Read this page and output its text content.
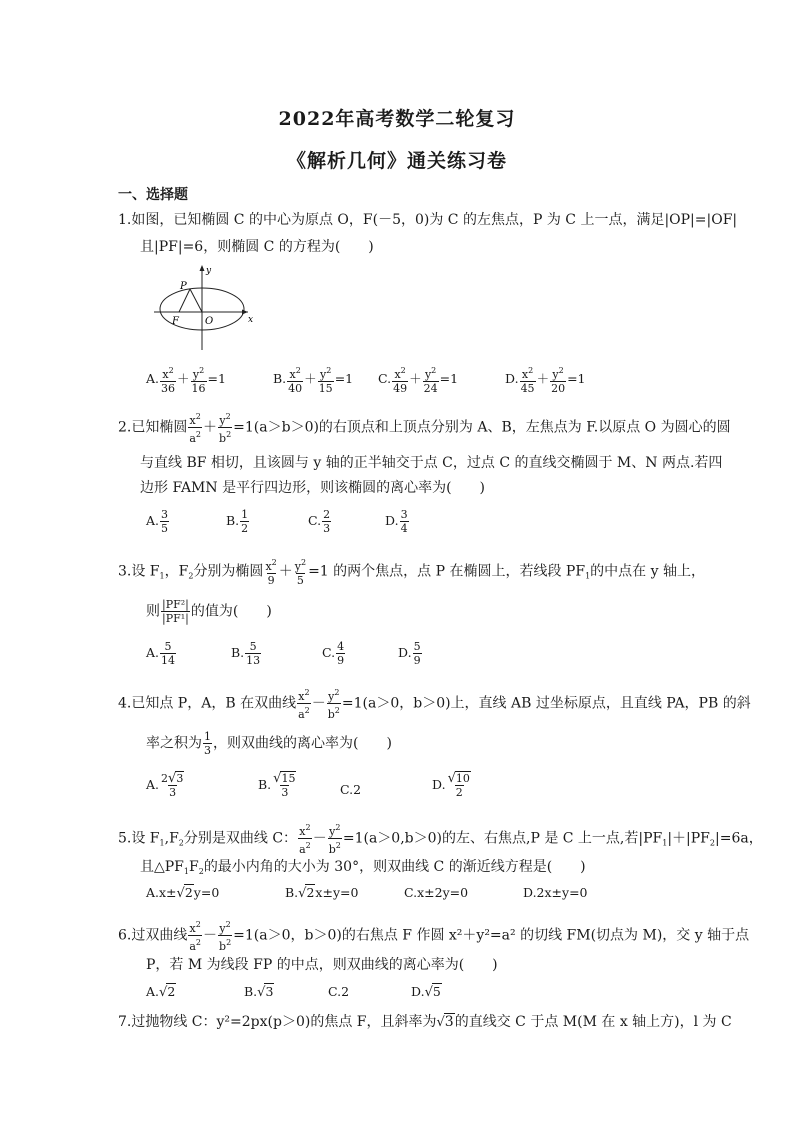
2022年高考数学二轮复习
《解析几何》通关练习卷
一、选择题
1.如图，已知椭圆 C 的中心为原点 O，F(－5，0)为 C 的左焦点，P 为 C 上一点，满足|OP|=|OF|
且|PF|=6，则椭圆 C 的方程为(　　)
P
F	O	x
y
A. $\frac{x^2}{36} + \frac{y^2}{16} =1$	B. $\frac{x^2}{40} + \frac{y^2}{15} =1$ C. $\frac{x^2}{49} + \frac{y^2}{24} =1$	D. $\frac{x^2}{45} + \frac{y^2}{20} =1$
2.已知椭圆 $\frac{x^2}{a^2} + \frac{y^2}{b^2} =1(a>b>0)$的右顶点和上顶点分别为 A、B，左焦点为 F.以原点 O 为圆心的圆
与直线 BF 相切，且该圆与 y 轴的正半轴交于点 C，过点 C 的直线交椭圆于 M、N 两点.若四
边形 FAMN 是平行四边形，则该椭圆的离心率为(　　)
A. $\frac{3}{5}$	B. $\frac{1}{2}$	C. $\frac{2}{3}$	D. $\frac{3}{4}$
3.设 $F_1$，$F_2$分别为椭圆 $\frac{x^2}{9} + \frac{y^2}{5} =1$ 的两个焦点，点 P 在椭圆上，若线段 $PF_1$的中点在 y 轴上，
则 $\frac{\text{|PF²|}}{\text{|PF¹|}}$ 的值为(　　)
A. $\frac{5}{14}$	B. $\frac{5}{13}$	C. $\frac{4}{9}$	D. $\frac{5}{9}$
4.已知点 P，A，B 在双曲线 $\frac{x^2}{a^2} - \frac{y^2}{b^2} =1(a>0$，b＞0)上，直线 AB 过坐标原点，且直线 PA，PB 的斜
率之积为 $\frac{1}{3}$ ，则双曲线的离心率为(　　)
A. $\frac{2√3}{3}$	B. $\frac{√15}{3}$	C.2	D. $\frac{√10}{2}$
5.设 $F_1,F_2$分别是双曲线 C： $\frac{x^2}{a^2} - \frac{y^2}{b^2} =1(a>0,b>0)$的左、右焦点,P 是 C 上一点,若$|PF_1|+|PF_2|=6a$，
且$\triangle PF_1F_2$的最小内角的大小为 30°，则双曲线 C 的渐近线方程是(　　)
A.x±√2y=0	B.√2x±y=0	C.x±2y=0	D.2x±y=0
6.过双曲线 $\frac{x^2}{a^2} - \frac{y^2}{b^2} =1(a>0$，b＞0)的右焦点 F 作圆 x²＋y²=a² 的切线 FM(切点为 M)，交 y 轴于点
P，若 M 为线段 FP 的中点，则双曲线的离心率为(　　)
A.√2	B.√3	C.2	D.√5
7.过抛物线 C：y²=2px(p＞0)的焦点 F，且斜率为√3的直线交 C 于点 M(M 在 x 轴上方)，l 为 C
